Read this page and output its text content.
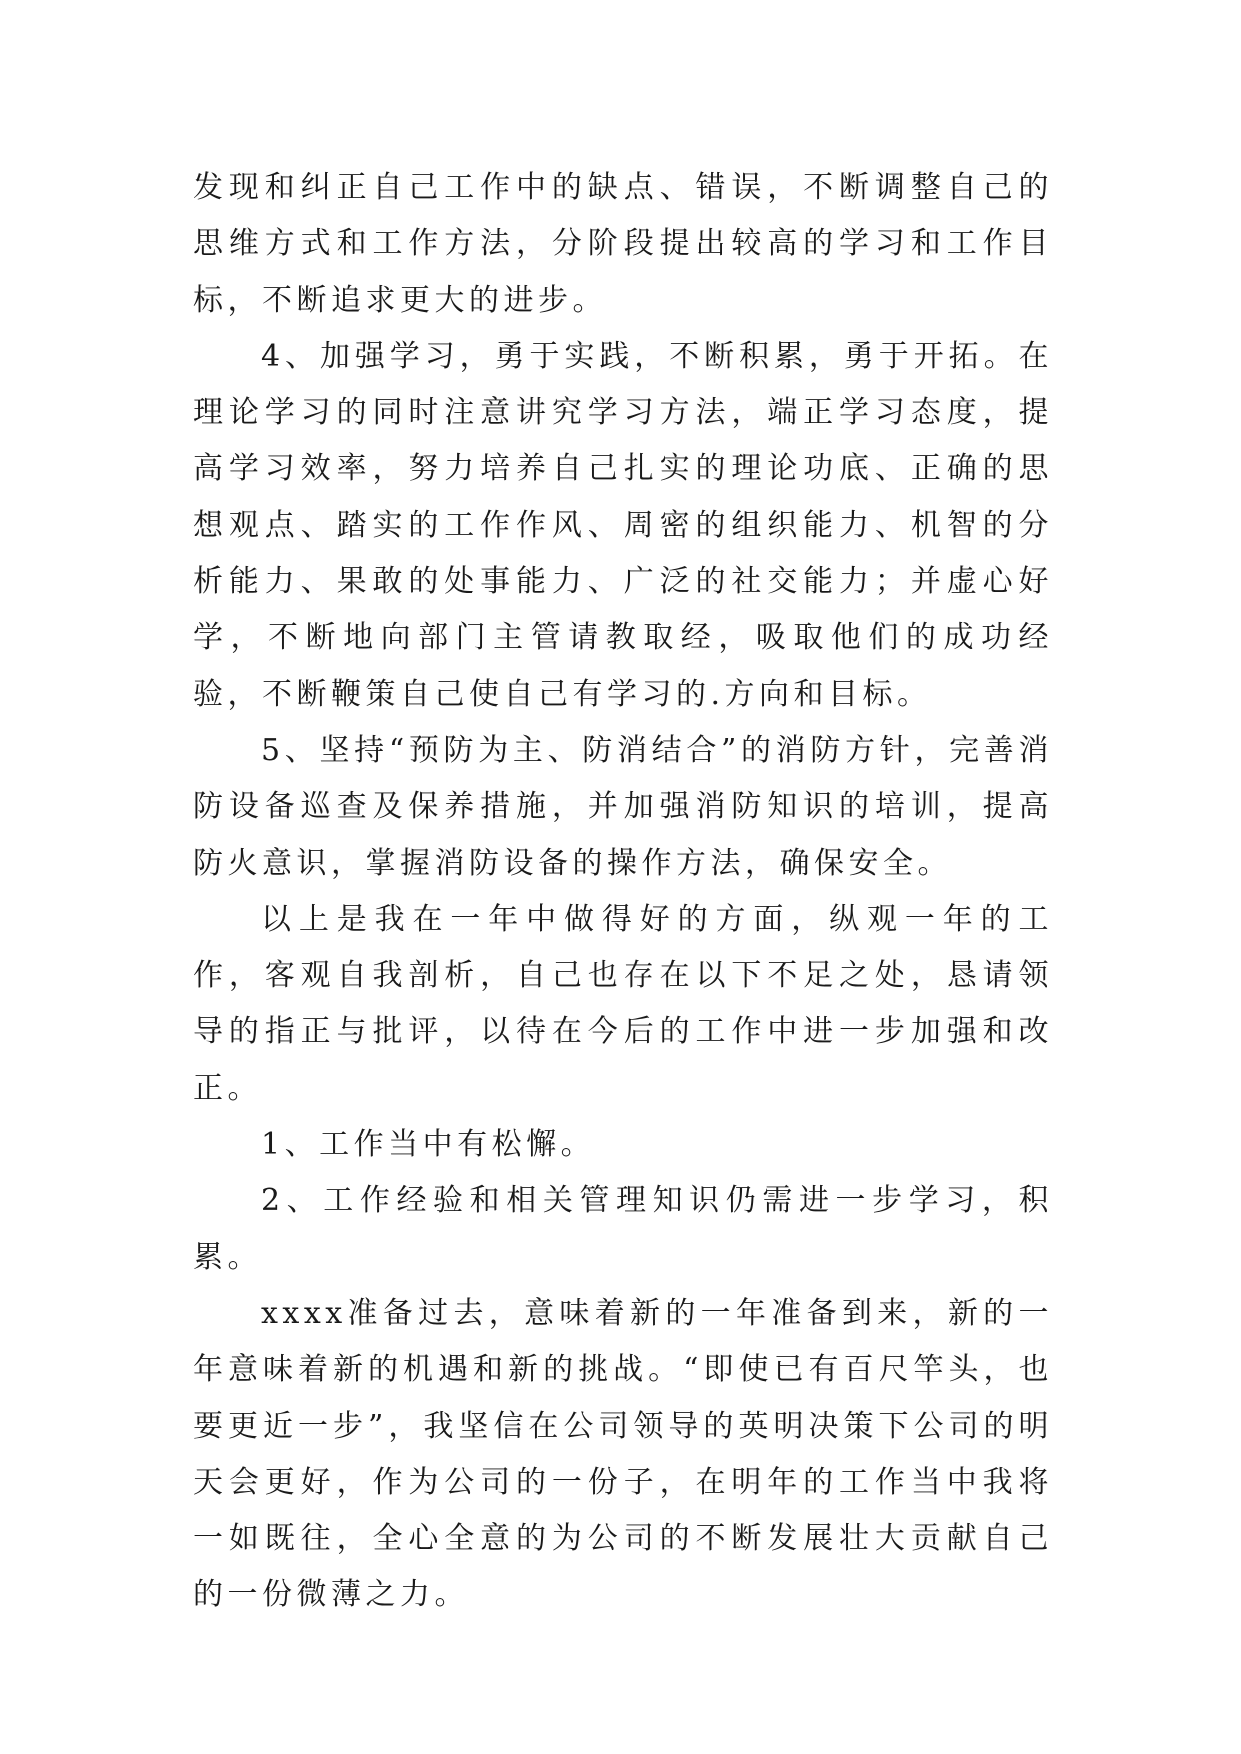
发现和纠正自己工作中的缺点、错误，不断调整自己的思维方式和工作方法，分阶段提出较高的学习和工作目标，不断追求更大的进步。

4、加强学习，勇于实践，不断积累，勇于开拓。在理论学习的同时注意讲究学习方法，端正学习态度，提高学习效率，努力培养自己扎实的理论功底、正确的思想观点、踏实的工作作风、周密的组织能力、机智的分析能力、果敢的处事能力、广泛的社交能力；并虚心好学，不断地向部门主管请教取经，吸取他们的成功经验，不断鞭策自己使自己有学习的.方向和目标。

5、坚持“预防为主、防消结合”的消防方针，完善消防设备巡查及保养措施，并加强消防知识的培训，提高防火意识，掌握消防设备的操作方法，确保安全。

以上是我在一年中做得好的方面，纵观一年的工作，客观自我剖析，自己也存在以下不足之处，恳请领导的指正与批评，以待在今后的工作中进一步加强和改正。

1、工作当中有松懈。

2、工作经验和相关管理知识仍需进一步学习，积累。

xxxx准备过去，意味着新的一年准备到来，新的一年意味着新的机遇和新的挑战。“即使已有百尺竿头，也要更近一步”，我坚信在公司领导的英明决策下公司的明天会更好，作为公司的一份子，在明年的工作当中我将一如既往，全心全意的为公司的不断发展壮大贡献自己的一份微薄之力。
